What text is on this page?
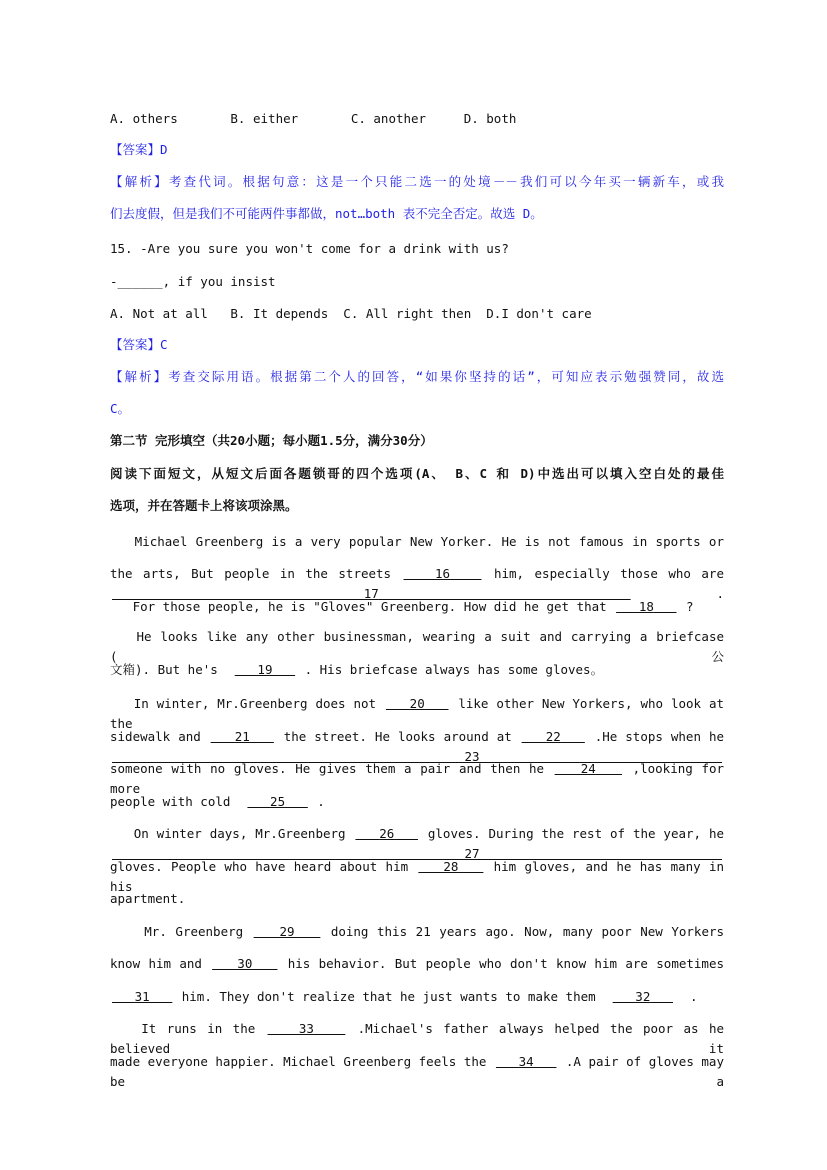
A. others       B. either       C. another     D. both
【答案】D
【解析】考查代词。根据句意：这是一个只能二选一的处境－－我们可以今年买一辆新车，或我
们去度假，但是我们不可能两件事都做，not…both 表不完全否定。故选 D。
15. -Are you sure you won't come for a drink with us?
-______, if you insist
A. Not at all   B. It depends  C. All right then  D.I don't care
【答案】C
【解析】考查交际用语。根据第二个人的回答，“如果你坚持的话”，可知应表示勉强赞同，故选
C。
第二节 完形填空（共20小题；每小题1.5分，满分30分）
阅读下面短文，从短文后面各题锁哥的四个选项(A、 B、C 和 D)中选出可以填入空白处的最佳
选项，并在答题卡上将该项涂黑。
Michael Greenberg is a very popular New Yorker. He is not famous in sports or
the arts, But people in the streets	16	him, especially those who are 17	.
For those people, he is "Gloves" Greenberg. How did he get that	18	?
He looks like any other businessman, wearing a suit and carrying a briefcase (公
文箱). But he's	19	. His briefcase always has some gloves。
In winter, Mr.Greenberg does not	20	like other New Yorkers, who look at the
sidewalk and	21	the street. He looks around at 22	.He stops when he 23
someone with no gloves. He gives them a pair and then he 24	,looking for more
people with cold	25	.
On winter days, Mr.Greenberg 26	gloves. During the rest of the year, he 27
gloves. People who have heard about him 28	him gloves, and he has many in his
apartment.
Mr. Greenberg	29	doing this 21 years ago. Now, many poor New Yorkers
know him and 30	his behavior. But people who don't know him are sometimes
31	him. They don't realize that he just wants to make them	32	.
It runs in the	33	.Michael's father always helped the poor as he believed it
made everyone happier. Michael Greenberg feels the	34	.A pair of gloves may be a
